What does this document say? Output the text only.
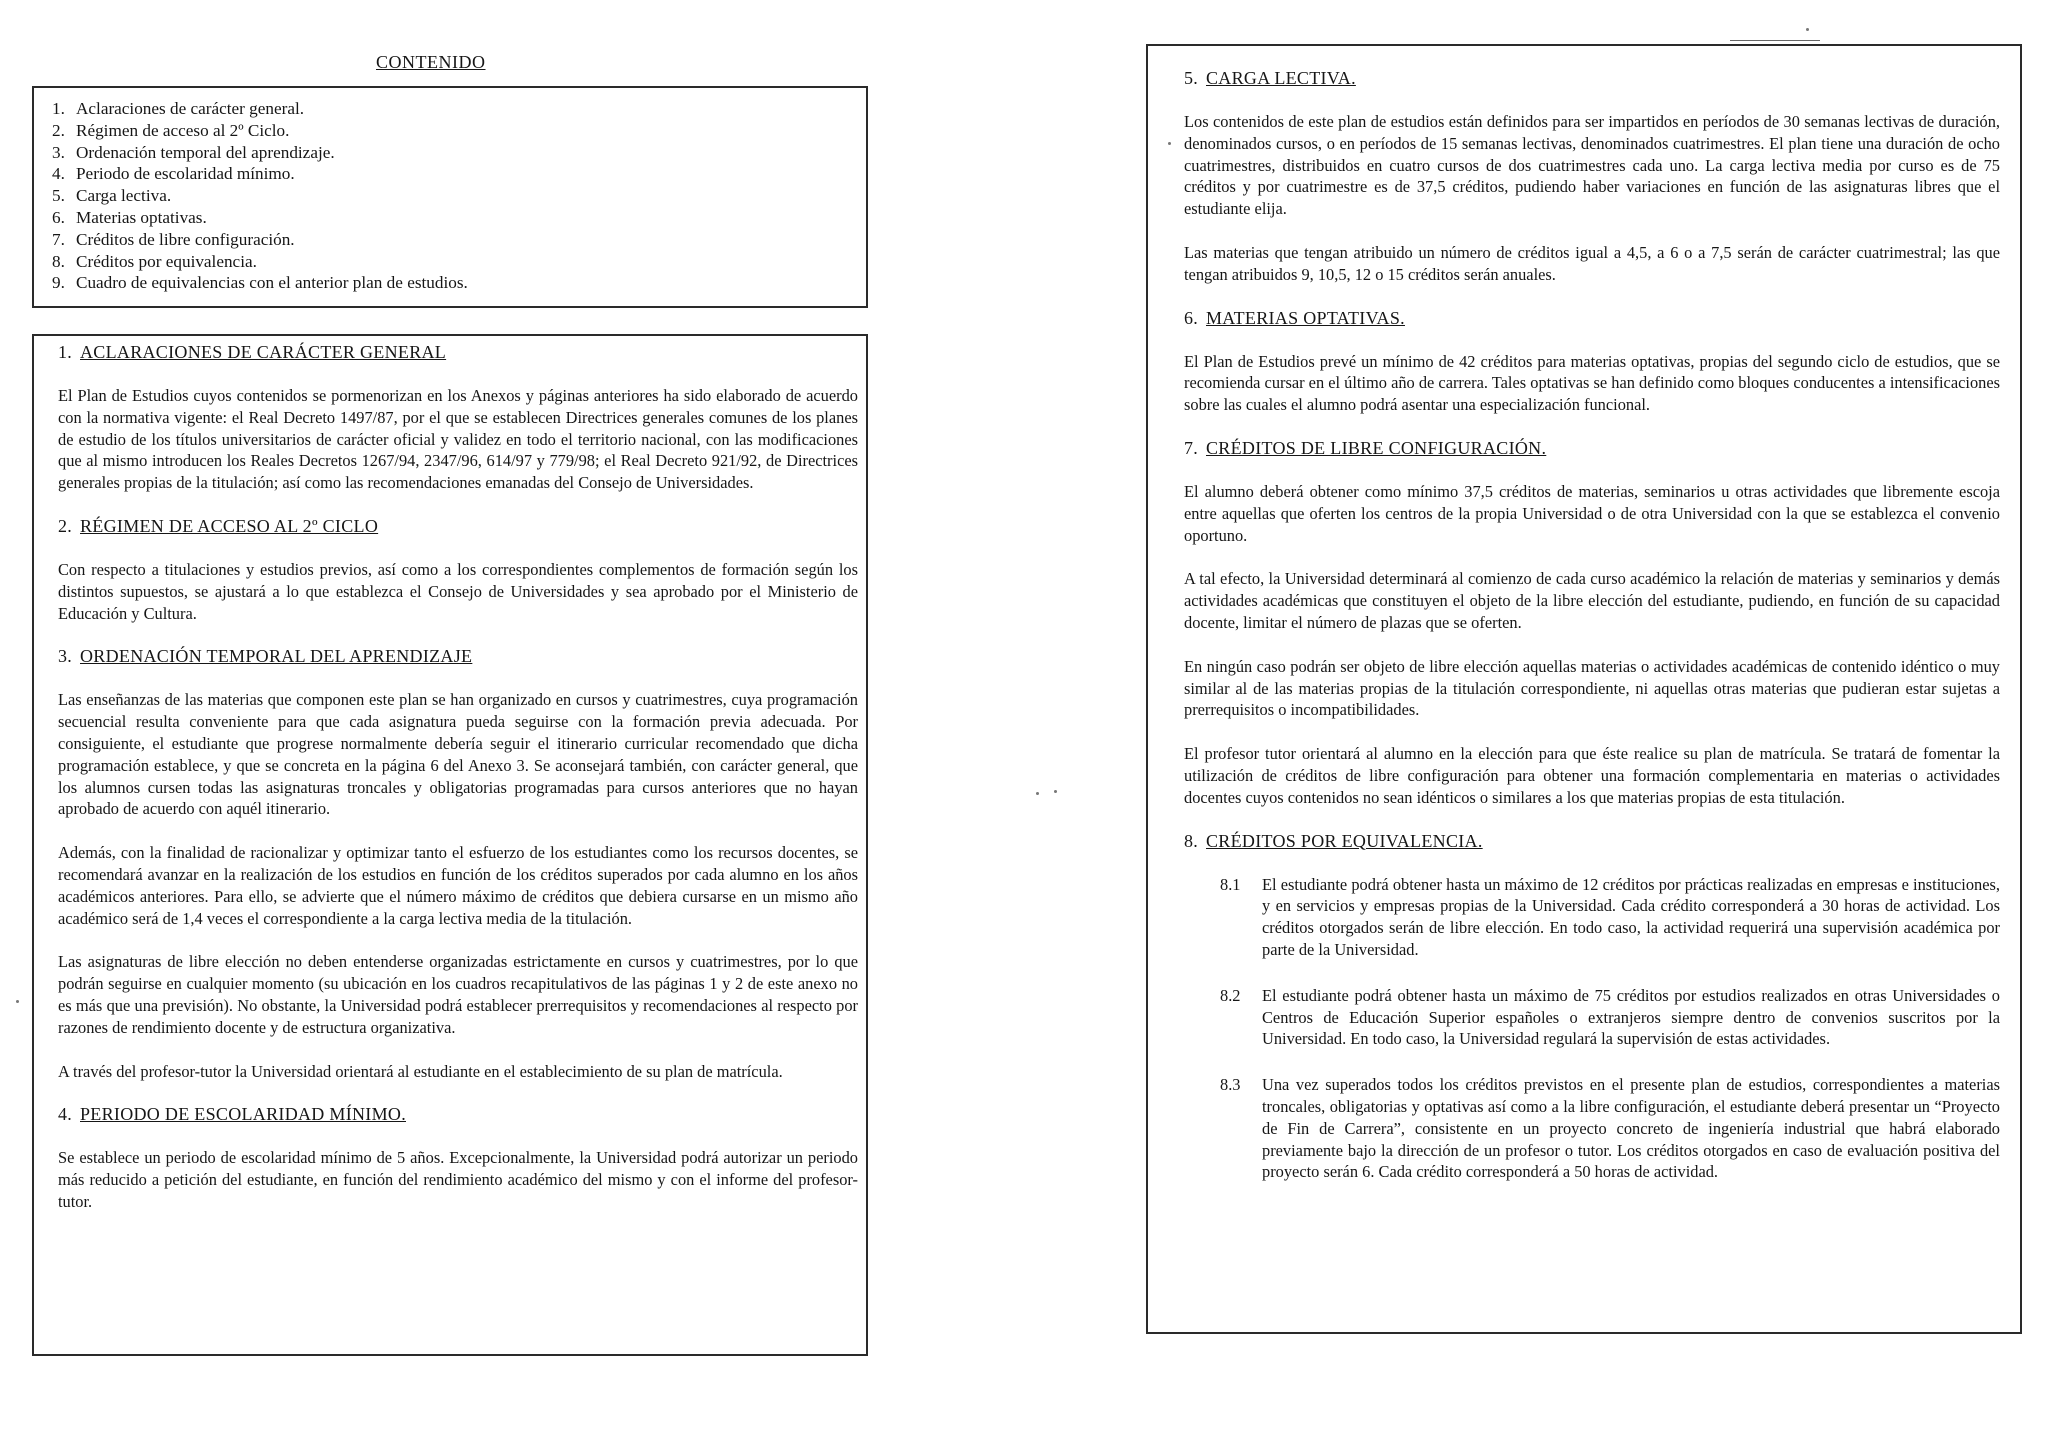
CONTENIDO
1. Aclaraciones de carácter general.
2. Régimen de acceso al 2º Ciclo.
3. Ordenación temporal del aprendizaje.
4. Periodo de escolaridad mínimo.
5. Carga lectiva.
6. Materias optativas.
7. Créditos de libre configuración.
8. Créditos por equivalencia.
9. Cuadro de equivalencias con el anterior plan de estudios.
1. ACLARACIONES DE CARÁCTER GENERAL

El Plan de Estudios cuyos contenidos se pormenorizan en los Anexos y páginas anteriores ha sido elaborado de acuerdo con la normativa vigente: el Real Decreto 1497/87, por el que se establecen Directrices generales comunes de los planes de estudio de los títulos universitarios de carácter oficial y validez en todo el territorio nacional, con las modificaciones que al mismo introducen los Reales Decretos 1267/94, 2347/96, 614/97 y 779/98; el Real Decreto 921/92, de Directrices generales propias de la titulación; así como las recomendaciones emanadas del Consejo de Universidades.

2. RÉGIMEN DE ACCESO AL 2º CICLO

Con respecto a titulaciones y estudios previos, así como a los correspondientes complementos de formación según los distintos supuestos, se ajustará a lo que establezca el Consejo de Universidades y sea aprobado por el Ministerio de Educación y Cultura.

3. ORDENACIÓN TEMPORAL DEL APRENDIZAJE

Las enseñanzas de las materias que componen este plan se han organizado en cursos y cuatrimestres, cuya programación secuencial resulta conveniente para que cada asignatura pueda seguirse con la formación previa adecuada. Por consiguiente, el estudiante que progrese normalmente debería seguir el itinerario curricular recomendado que dicha programación establece, y que se concreta en la página 6 del Anexo 3. Se aconsejará también, con carácter general, que los alumnos cursen todas las asignaturas troncales y obligatorias programadas para cursos anteriores que no hayan aprobado de acuerdo con aquél itinerario.

Además, con la finalidad de racionalizar y optimizar tanto el esfuerzo de los estudiantes como los recursos docentes, se recomendará avanzar en la realización de los estudios en función de los créditos superados por cada alumno en los años académicos anteriores. Para ello, se advierte que el número máximo de créditos que debiera cursarse en un mismo año académico será de 1,4 veces el correspondiente a la carga lectiva media de la titulación.

Las asignaturas de libre elección no deben entenderse organizadas estrictamente en cursos y cuatrimestres, por lo que podrán seguirse en cualquier momento (su ubicación en los cuadros recapitulativos de las páginas 1 y 2 de este anexo no es más que una previsión). No obstante, la Universidad podrá establecer prerrequisitos y recomendaciones al respecto por razones de rendimiento docente y de estructura organizativa.

A través del profesor-tutor la Universidad orientará al estudiante en el establecimiento de su plan de matrícula.

4. PERIODO DE ESCOLARIDAD MÍNIMO.

Se establece un periodo de escolaridad mínimo de 5 años. Excepcionalmente, la Universidad podrá autorizar un periodo más reducido a petición del estudiante, en función del rendimiento académico del mismo y con el informe del profesor-tutor.

5. CARGA LECTIVA.

Los contenidos de este plan de estudios están definidos para ser impartidos en períodos de 30 semanas lectivas de duración, denominados cursos, o en períodos de 15 semanas lectivas, denominados cuatrimestres. El plan tiene una duración de ocho cuatrimestres, distribuidos en cuatro cursos de dos cuatrimestres cada uno. La carga lectiva media por curso es de 75 créditos y por cuatrimestre es de 37,5 créditos, pudiendo haber variaciones en función de las asignaturas libres que el estudiante elija.

Las materias que tengan atribuido un número de créditos igual a 4,5, a 6 o a 7,5 serán de carácter cuatrimestral; las que tengan atribuidos 9, 10,5, 12 o 15 créditos serán anuales.

6. MATERIAS OPTATIVAS.

El Plan de Estudios prevé un mínimo de 42 créditos para materias optativas, propias del segundo ciclo de estudios, que se recomienda cursar en el último año de carrera. Tales optativas se han definido como bloques conducentes a intensificaciones sobre las cuales el alumno podrá asentar una especialización funcional.

7. CRÉDITOS DE LIBRE CONFIGURACIÓN.

El alumno deberá obtener como mínimo 37,5 créditos de materias, seminarios u otras actividades que libremente escoja entre aquellas que oferten los centros de la propia Universidad o de otra Universidad con la que se establezca el convenio oportuno.

A tal efecto, la Universidad determinará al comienzo de cada curso académico la relación de materias y seminarios y demás actividades académicas que constituyen el objeto de la libre elección del estudiante, pudiendo, en función de su capacidad docente, limitar el número de plazas que se oferten.

En ningún caso podrán ser objeto de libre elección aquellas materias o actividades académicas de contenido idéntico o muy similar al de las materias propias de la titulación correspondiente, ni aquellas otras materias que pudieran estar sujetas a prerrequisitos o incompatibilidades.

El profesor tutor orientará al alumno en la elección para que éste realice su plan de matrícula. Se tratará de fomentar la utilización de créditos de libre configuración para obtener una formación complementaria en materias o actividades docentes cuyos contenidos no sean idénticos o similares a los que materias propias de esta titulación.

8. CRÉDITOS POR EQUIVALENCIA.
8.1	El estudiante podrá obtener hasta un máximo de 12 créditos por prácticas realizadas en empresas e instituciones, y en servicios y empresas propias de la Universidad. Cada crédito corresponderá a 30 horas de actividad. Los créditos otorgados serán de libre elección. En todo caso, la actividad requerirá una supervisión académica por parte de la Universidad.

8.2	El estudiante podrá obtener hasta un máximo de 75 créditos por estudios realizados en otras Universidades o Centros de Educación Superior españoles o extranjeros siempre dentro de convenios suscritos por la Universidad. En todo caso, la Universidad regulará la supervisión de estas actividades.

8.3	Una vez superados todos los créditos previstos en el presente plan de estudios, correspondientes a materias troncales, obligatorias y optativas así como a la libre configuración, el estudiante deberá presentar un “Proyecto de Fin de Carrera”, consistente en un proyecto concreto de ingeniería industrial que habrá elaborado previamente bajo la dirección de un profesor o tutor. Los créditos otorgados en caso de evaluación positiva del proyecto serán 6. Cada crédito corresponderá a 50 horas de actividad.
